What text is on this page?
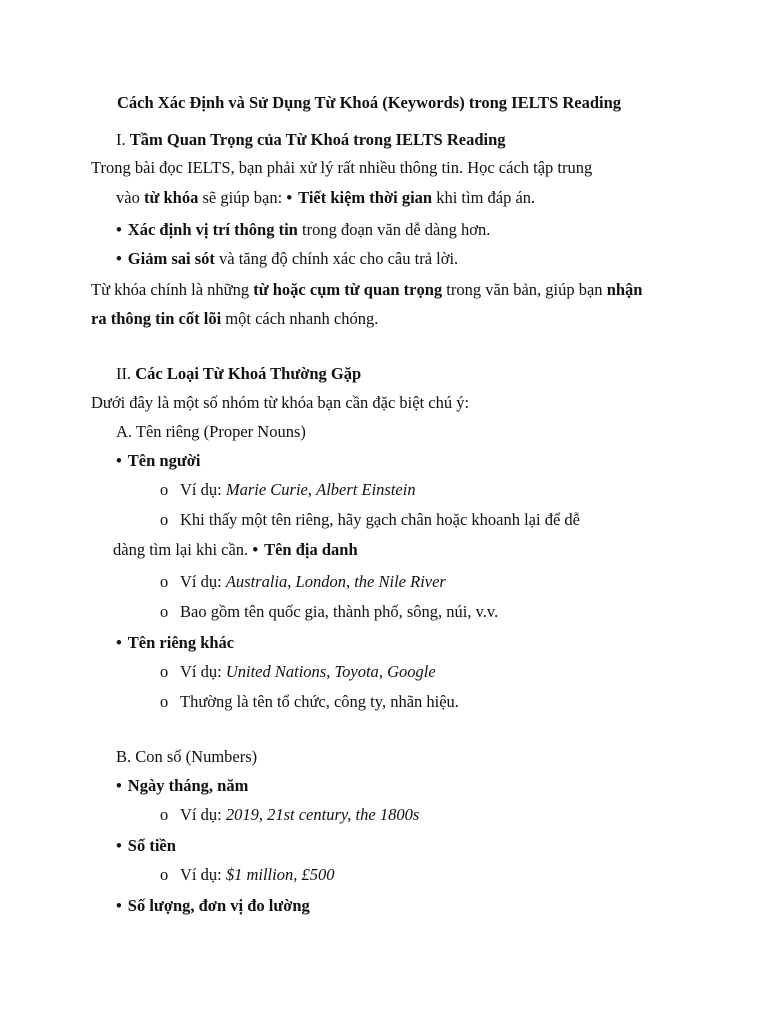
Cách Xác Định và Sử Dụng Từ Khoá (Keywords) trong IELTS Reading
I. Tầm Quan Trọng của Từ Khoá trong IELTS Reading
Trong bài đọc IELTS, bạn phải xử lý rất nhiều thông tin. Học cách tập trung
vào từ khóa sẽ giúp bạn: • Tiết kiệm thời gian khi tìm đáp án.
• Xác định vị trí thông tin trong đoạn văn dễ dàng hơn.
• Giảm sai sót và tăng độ chính xác cho câu trả lời.
Từ khóa chính là những từ hoặc cụm từ quan trọng trong văn bản, giúp bạn nhận
ra thông tin cốt lõi một cách nhanh chóng.
II. Các Loại Từ Khoá Thường Gặp
Dưới đây là một số nhóm từ khóa bạn cần đặc biệt chú ý:
A. Tên riêng (Proper Nouns)
• Tên người
o Ví dụ: Marie Curie, Albert Einstein
o Khi thấy một tên riêng, hãy gạch chân hoặc khoanh lại để dễ
dàng tìm lại khi cần. • Tên địa danh
o Ví dụ: Australia, London, the Nile River
o Bao gồm tên quốc gia, thành phố, sông, núi, v.v.
• Tên riêng khác
o Ví dụ: United Nations, Toyota, Google
o Thường là tên tổ chức, công ty, nhãn hiệu.
B. Con số (Numbers)
• Ngày tháng, năm
o Ví dụ: 2019, 21st century, the 1800s
• Số tiền
o Ví dụ: $1 million, £500
• Số lượng, đơn vị đo lường
